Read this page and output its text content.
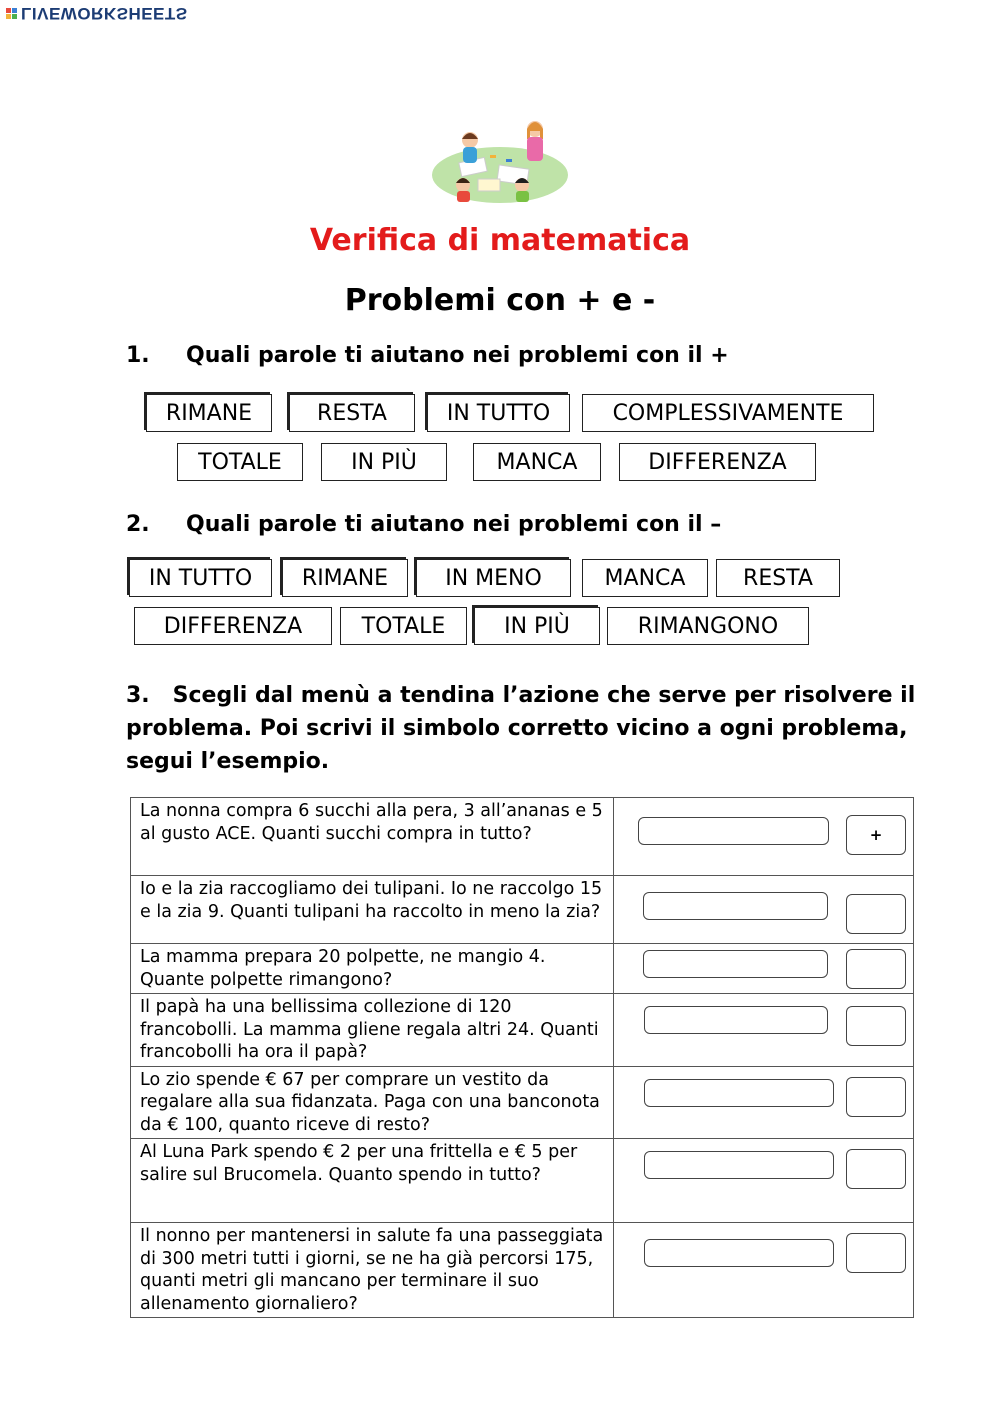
LIVEWORKSHEETS
Verifica di matematica
Problemi con + e -
1. Quali parole ti aiutano nei problemi con il +
RIMANE	RESTA	IN TUTTO	COMPLESSIVAMENTE
TOTALE	IN PIÙ	MANCA	DIFFERENZA
2. Quali parole ti aiutano nei problemi con il –
IN TUTTO	RIMANE	IN MENO	MANCA	RESTA
DIFFERENZA	TOTALE	IN PIÙ	RIMANGONO
3. Scegli dal menù a tendina l’azione che serve per risolvere il problema. Poi scrivi il simbolo corretto vicino a ogni problema, segui l’esempio.
La nonna compra 6 succhi alla pera, 3 all’ananas e 5 al gusto ACE. Quanti succhi compra in tutto?	+

Io e la zia raccogliamo dei tulipani. Io ne raccolgo 15 e la zia 9. Quanti tulipani ha raccolto in meno la zia?	

La mamma prepara 20 polpette, ne mangio 4. Quante polpette rimangono?	

Il papà ha una bellissima collezione di 120 francobolli. La mamma gliene regala altri 24. Quanti francobolli ha ora il papà?	

Lo zio spende € 67 per comprare un vestito da regalare alla sua fidanzata. Paga con una banconota da € 100, quanto riceve di resto?	

Al Luna Park spendo € 2 per una frittella e € 5 per salire sul Brucomela. Quanto spendo in tutto?	

Il nonno per mantenersi in salute fa una passeggiata di 300 metri tutti i giorni, se ne ha già percorsi 175, quanti metri gli mancano per terminare il suo allenamento giornaliero?	
